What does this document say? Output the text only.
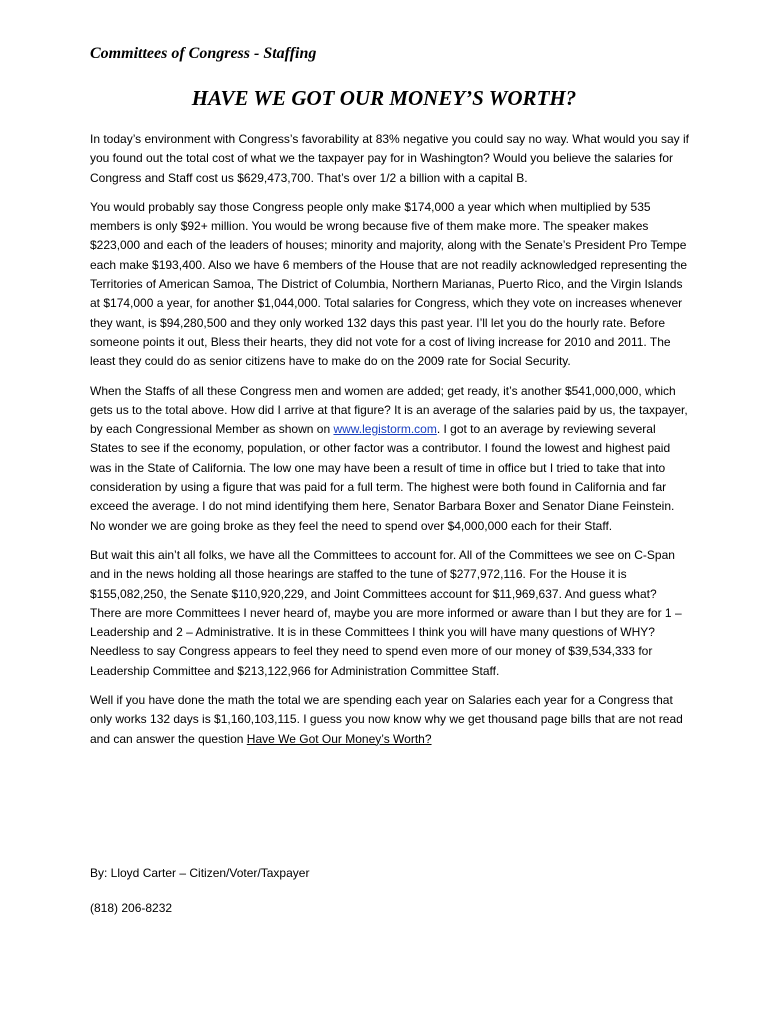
Committees of Congress - Staffing
HAVE WE GOT OUR MONEY’S WORTH?

In today’s environment with Congress’s favorability at 83% negative you could say no way. What would you say if you found out the total cost of what we the taxpayer pay for in Washington? Would you believe the salaries for Congress and Staff cost us $629,473,700. That’s over 1/2 a billion with a capital B.

You would probably say those Congress people only make $174,000 a year which when multiplied by 535 members is only $92+ million. You would be wrong because five of them make more. The speaker makes $223,000 and each of the leaders of houses; minority and majority, along with the Senate’s President Pro Tempe each make $193,400. Also we have 6 members of the House that are not readily acknowledged representing the Territories of American Samoa, The District of Columbia, Northern Marianas, Puerto Rico, and the Virgin Islands at $174,000 a year, for another $1,044,000. Total salaries for Congress, which they vote on increases whenever they want, is $94,280,500 and they only worked 132 days this past year. I’ll let you do the hourly rate. Before someone points it out, Bless their hearts, they did not vote for a cost of living increase for 2010 and 2011. The least they could do as senior citizens have to make do on the 2009 rate for Social Security.

When the Staffs of all these Congress men and women are added; get ready, it’s another $541,000,000, which gets us to the total above. How did I arrive at that figure? It is an average of the salaries paid by us, the taxpayer, by each Congressional Member as shown on www.legistorm.com. I got to an average by reviewing several States to see if the economy, population, or other factor was a contributor. I found the lowest and highest paid was in the State of California. The low one may have been a result of time in office but I tried to take that into consideration by using a figure that was paid for a full term. The highest were both found in California and far exceed the average. I do not mind identifying them here, Senator Barbara Boxer and Senator Diane Feinstein. No wonder we are going broke as they feel the need to spend over $4,000,000 each for their Staff.

But wait this ain’t all folks, we have all the Committees to account for. All of the Committees we see on C-Span and in the news holding all those hearings are staffed to the tune of $277,972,116. For the House it is $155,082,250, the Senate $110,920,229, and Joint Committees account for $11,969,637. And guess what? There are more Committees I never heard of, maybe you are more informed or aware than I but they are for 1 – Leadership and 2 – Administrative. It is in these Committees I think you will have many questions of WHY? Needless to say Congress appears to feel they need to spend even more of our money of $39,534,333 for Leadership Committee and $213,122,966 for Administration Committee Staff.

Well if you have done the math the total we are spending each year on Salaries each year for a Congress that only works 132 days is $1,160,103,115. I guess you now know why we get thousand page bills that are not read and can answer the question Have We Got Our Money’s Worth?

By: Lloyd Carter – Citizen/Voter/Taxpayer
(818) 206-8232
